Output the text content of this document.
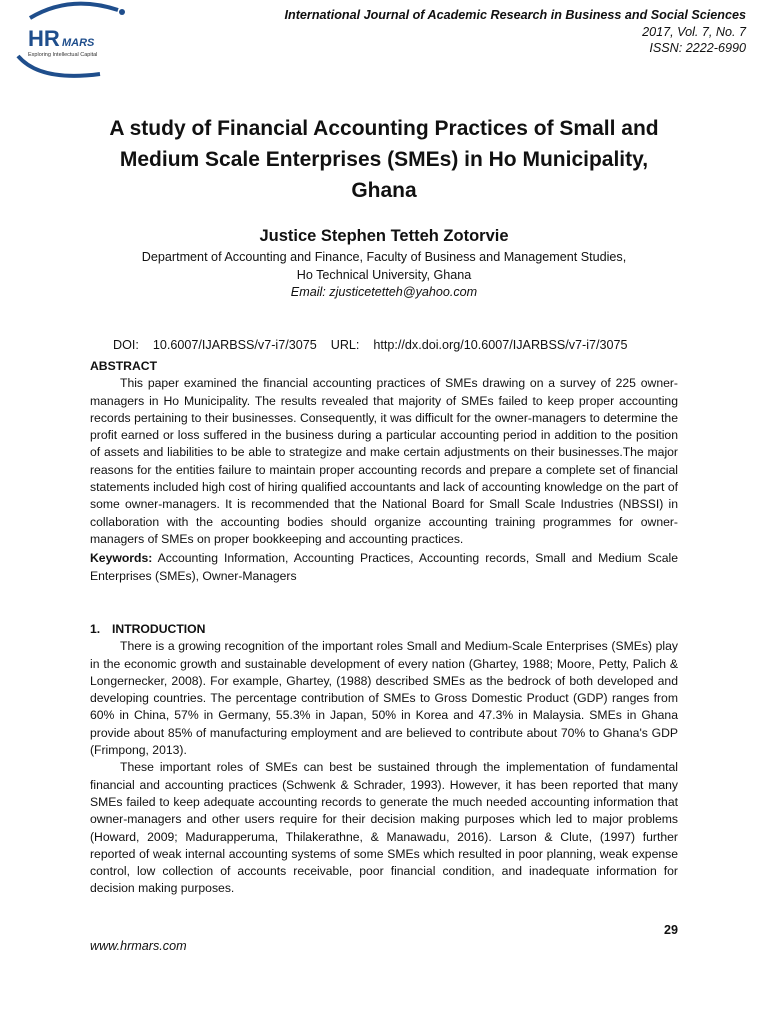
HR MARS
Exploring Intellectual Capital
International Journal of Academic Research in Business and Social Sciences
2017, Vol. 7, No. 7
ISSN: 2222-6990
A study of Financial Accounting Practices of Small and
Medium Scale Enterprises (SMEs) in Ho Municipality,
Ghana
Justice Stephen Tetteh Zotorvie
Department of Accounting and Finance, Faculty of Business and Management Studies,
Ho Technical University, Ghana
Email: zjusticetetteh@yahoo.com

DOI: 10.6007/IJARBSS/v7-i7/3075 URL: http://dx.doi.org/10.6007/IJARBSS/v7-i7/3075

ABSTRACT

This paper examined the financial accounting practices of SMEs drawing on a survey of 225 owner-managers in Ho Municipality. The results revealed that majority of SMEs failed to keep proper accounting records pertaining to their businesses. Consequently, it was difficult for the owner-managers to determine the profit earned or loss suffered in the business during a particular accounting period in addition to the position of assets and liabilities to be able to strategize and make certain adjustments on their businesses.The major reasons for the entities failure to maintain proper accounting records and prepare a complete set of financial statements included high cost of hiring qualified accountants and lack of accounting knowledge on the part of some owner-managers. It is recommended that the National Board for Small Scale Industries (NBSSI) in collaboration with the accounting bodies should organize accounting training programmes for owner-managers of SMEs on proper bookkeeping and accounting practices.

Keywords: Accounting Information, Accounting Practices, Accounting records, Small and Medium Scale Enterprises (SMEs), Owner-Managers
1. INTRODUCTION

There is a growing recognition of the important roles Small and Medium-Scale Enterprises (SMEs) play in the economic growth and sustainable development of every nation (Ghartey, 1988; Moore, Petty, Palich & Longernecker, 2008). For example, Ghartey, (1988) described SMEs as the bedrock of both developed and developing countries. The percentage contribution of SMEs to Gross Domestic Product (GDP) ranges from 60% in China, 57% in Germany, 55.3% in Japan, 50% in Korea and 47.3% in Malaysia. SMEs in Ghana provide about 85% of manufacturing employment and are believed to contribute about 70% to Ghana's GDP (Frimpong, 2013).

These important roles of SMEs can best be sustained through the implementation of fundamental financial and accounting practices (Schwenk & Schrader, 1993). However, it has been reported that many SMEs failed to keep adequate accounting records to generate the much needed accounting information that owner-managers and other users require for their decision making purposes which led to major problems (Howard, 2009; Madurapperuma, Thilakerathne, & Manawadu, 2016). Larson & Clute, (1997) further reported of weak internal accounting systems of some SMEs which resulted in poor planning, weak expense control, low collection of accounts receivable, poor financial condition, and inadequate information for decision making purposes.

29
www.hrmars.com
